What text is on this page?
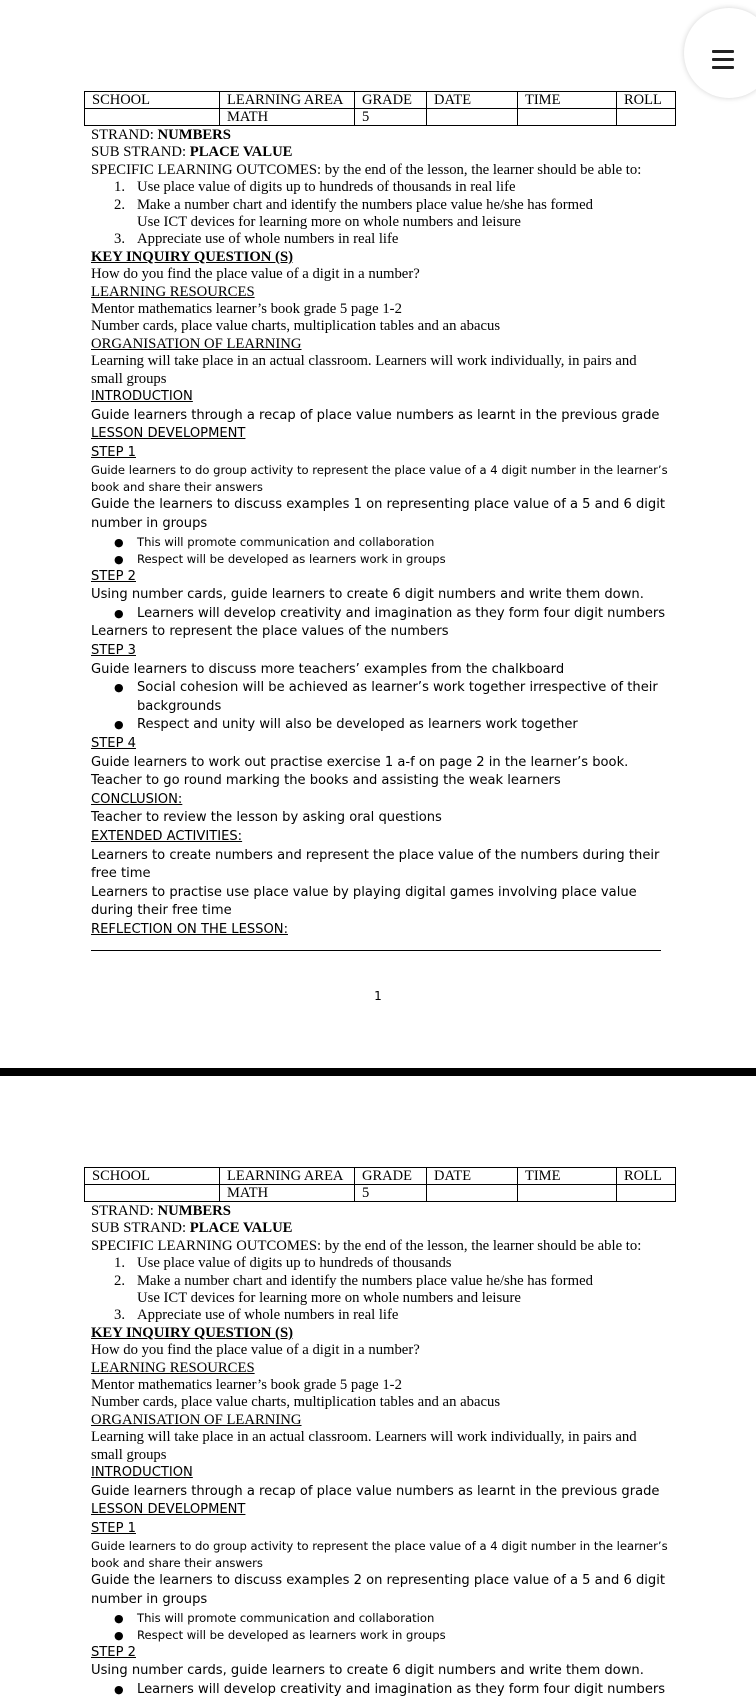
SCHOOL	LEARNING AREA	GRADE	DATE	TIME	ROLL
	MATH	5			
STRAND: NUMBERS
SUB STRAND: PLACE VALUE
SPECIFIC LEARNING OUTCOMES: by the end of the lesson, the learner should be able to:
1. Use place value of digits up to hundreds of thousands in real life
2. Make a number chart and identify the numbers place value he/she has formed
Use ICT devices for learning more on whole numbers and leisure
3. Appreciate use of whole numbers in real life
KEY INQUIRY QUESTION (S)
How do you find the place value of a digit in a number?
LEARNING RESOURCES
Mentor mathematics learner’s book grade 5 page 1-2
Number cards, place value charts, multiplication tables and an abacus
ORGANISATION OF LEARNING
Learning will take place in an actual classroom. Learners will work individually, in pairs and small groups
INTRODUCTION
Guide learners through a recap of place value numbers as learnt in the previous grade
LESSON DEVELOPMENT
STEP 1
Guide learners to do group activity to represent the place value of a 4 digit number in the learner’s book and share their answers
Guide the learners to discuss examples 1 on representing place value of a 5 and 6 digit number in groups
● This will promote communication and collaboration
● Respect will be developed as learners work in groups
STEP 2
Using number cards, guide learners to create 6 digit numbers and write them down.
● Learners will develop creativity and imagination as they form four digit numbers
Learners to represent the place values of the numbers
STEP 3
Guide learners to discuss more teachers’ examples from the chalkboard
● Social cohesion will be achieved as learner’s work together irrespective of their backgrounds
● Respect and unity will also be developed as learners work together
STEP 4
Guide learners to work out practise exercise 1 a-f on page 2 in the learner’s book.
Teacher to go round marking the books and assisting the weak learners
CONCLUSION:
Teacher to review the lesson by asking oral questions
EXTENDED ACTIVITIES:
Learners to create numbers and represent the place value of the numbers during their free time
Learners to practise use place value by playing digital games involving place value during their free time
REFLECTION ON THE LESSON:
1
SCHOOL	LEARNING AREA	GRADE	DATE	TIME	ROLL
	MATH	5			
STRAND: NUMBERS
SUB STRAND: PLACE VALUE
SPECIFIC LEARNING OUTCOMES: by the end of the lesson, the learner should be able to:
1. Use place value of digits up to hundreds of thousands
2. Make a number chart and identify the numbers place value he/she has formed
Use ICT devices for learning more on whole numbers and leisure
3. Appreciate use of whole numbers in real life
KEY INQUIRY QUESTION (S)
How do you find the place value of a digit in a number?
LEARNING RESOURCES
Mentor mathematics learner’s book grade 5 page 1-2
Number cards, place value charts, multiplication tables and an abacus
ORGANISATION OF LEARNING
Learning will take place in an actual classroom. Learners will work individually, in pairs and small groups
INTRODUCTION
Guide learners through a recap of place value numbers as learnt in the previous grade
LESSON DEVELOPMENT
STEP 1
Guide learners to do group activity to represent the place value of a 4 digit number in the learner’s book and share their answers
Guide the learners to discuss examples 2 on representing place value of a 5 and 6 digit number in groups
● This will promote communication and collaboration
● Respect will be developed as learners work in groups
STEP 2
Using number cards, guide learners to create 6 digit numbers and write them down.
● Learners will develop creativity and imagination as they form four digit numbers
